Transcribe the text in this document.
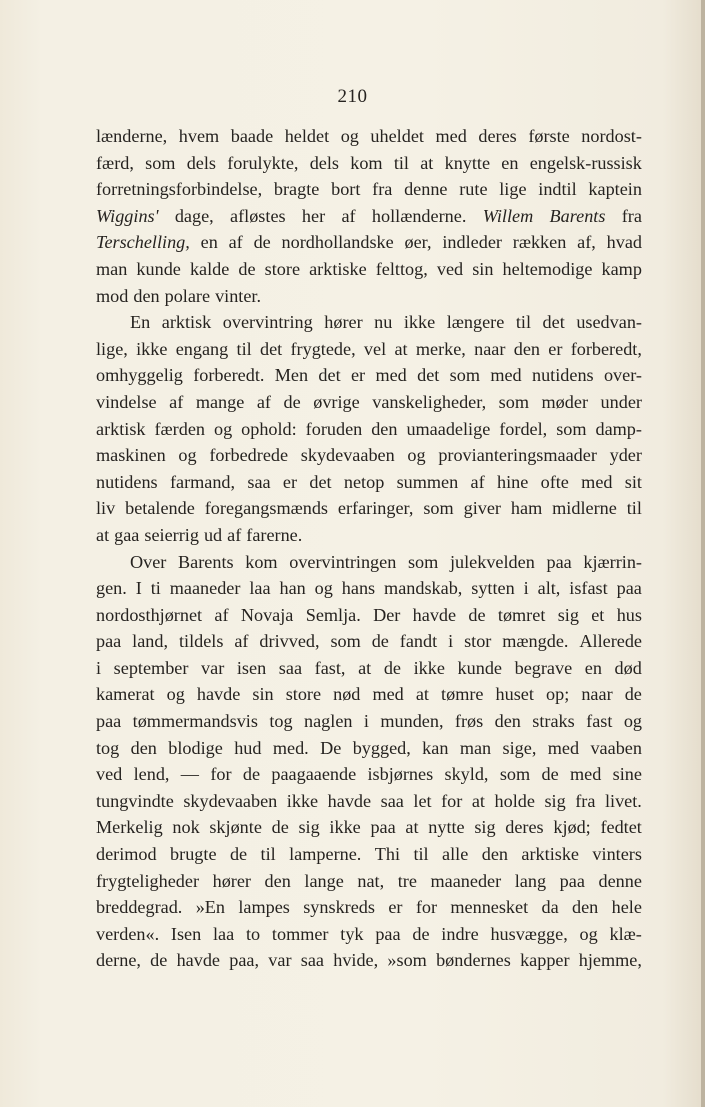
210
lænderne, hvem baade heldet og uheldet med deres første nordost-
færd, som dels forulykte, dels kom til at knytte en engelsk-russisk
forretningsforbindelse, bragte bort fra denne rute lige indtil kaptein
Wiggins' dage, afløstes her af hollænderne. Willem Barents fra
Terschelling, en af de nordhollandske øer, indleder rækken af, hvad
man kunde kalde de store arktiske felttog, ved sin heltemodige kamp
mod den polare vinter.
En arktisk overvintring hører nu ikke længere til det usedvan-
lige, ikke engang til det frygtede, vel at merke, naar den er forberedt,
omhyggelig forberedt. Men det er med det som med nutidens over-
vindelse af mange af de øvrige vanskeligheder, som møder under
arktisk færden og ophold: foruden den umaadelige fordel, som damp-
maskinen og forbedrede skydevaaben og provianteringsmaader yder
nutidens farmand, saa er det netop summen af hine ofte med sit
liv betalende foregangsmænds erfaringer, som giver ham midlerne til
at gaa seierrig ud af farerne.
Over Barents kom overvintringen som julekvelden paa kjærrin-
gen. I ti maaneder laa han og hans mandskab, sytten i alt, isfast paa
nordosthjørnet af Novaja Semlja. Der havde de tømret sig et hus
paa land, tildels af drivved, som de fandt i stor mængde. Allerede
i september var isen saa fast, at de ikke kunde begrave en død
kamerat og havde sin store nød med at tømre huset op; naar de
paa tømmermandsvis tog naglen i munden, frøs den straks fast og
tog den blodige hud med. De bygged, kan man sige, med vaaben
ved lend, — for de paagaaende isbjørnes skyld, som de med sine
tungvindte skydevaaben ikke havde saa let for at holde sig fra livet.
Merkelig nok skjønte de sig ikke paa at nytte sig deres kjød; fedtet
derimod brugte de til lamperne. Thi til alle den arktiske vinters
frygteligheder hører den lange nat, tre maaneder lang paa denne
breddegrad. »En lampes synskreds er for mennesket da den hele
verden«. Isen laa to tommer tyk paa de indre husvægge, og klæ-
derne, de havde paa, var saa hvide, »som bøndernes kapper hjemme,
